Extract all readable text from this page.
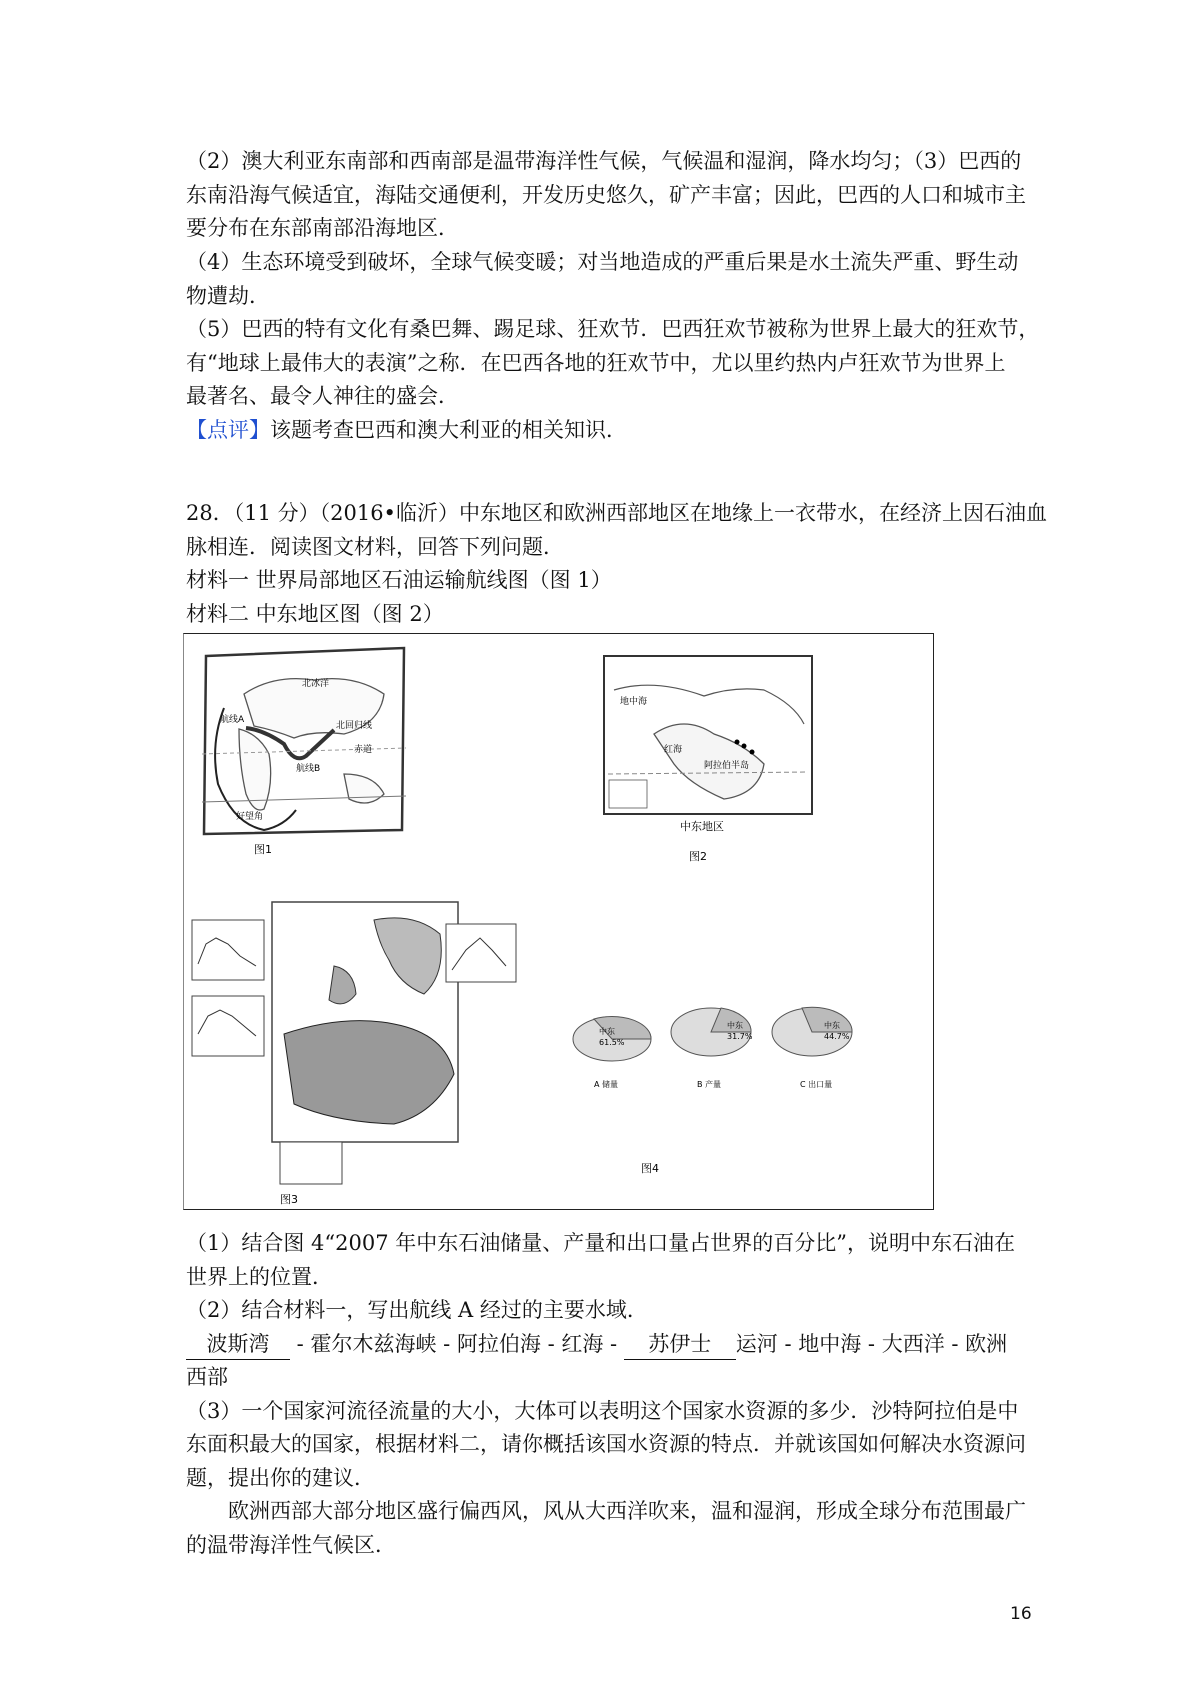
（2）澳大利亚东南部和西南部是温带海洋性气候，气候温和湿润，降水均匀；（3）巴西的
东南沿海气候适宜，海陆交通便利，开发历史悠久，矿产丰富；因此，巴西的人口和城市主
要分布在东部南部沿海地区．
（4）生态环境受到破坏，全球气候变暖；对当地造成的严重后果是水土流失严重、野生动
物遭劫．
（5）巴西的特有文化有桑巴舞、踢足球、狂欢节．巴西狂欢节被称为世界上最大的狂欢节，
有“地球上最伟大的表演”之称．在巴西各地的狂欢节中，尤以里约热内卢狂欢节为世界上
最著名、最令人神往的盛会．
【点评】该题考查巴西和澳大利亚的相关知识．
28．（11 分）（2016•临沂）中东地区和欧洲西部地区在地缘上一衣带水，在经济上因石油血
脉相连．阅读图文材料，回答下列问题．
材料一 世界局部地区石油运输航线图（图 1）
材料二 中东地区图（图 2）
北冰洋
航线A
北回归线
赤道
好望角
航线B
图1
地中海
红海
阿拉伯半岛
中东地区
图2
图3
中东
61.5%
A 储量
中东
31.7%
B 产量
中东
44.7%
C 出口量
图4
（1）结合图 4“2007 年中东石油储量、产量和出口量占世界的百分比”，说明中东石油在
世界上的位置．
（2）结合材料一，写出航线 A 经过的主要水域．
波斯湾 - 霍尔木兹海峡 - 阿拉伯海 - 红海 - 苏伊士 运河 - 地中海 - 大西洋 - 欧洲
西部
（3）一个国家河流径流量的大小，大体可以表明这个国家水资源的多少．沙特阿拉伯是中
东面积最大的国家，根据材料二，请你概括该国水资源的特点．并就该国如何解决水资源问
题，提出你的建议．
欧洲西部大部分地区盛行偏西风，风从大西洋吹来，温和湿润，形成全球分布范围最广
的温带海洋性气候区．
16
